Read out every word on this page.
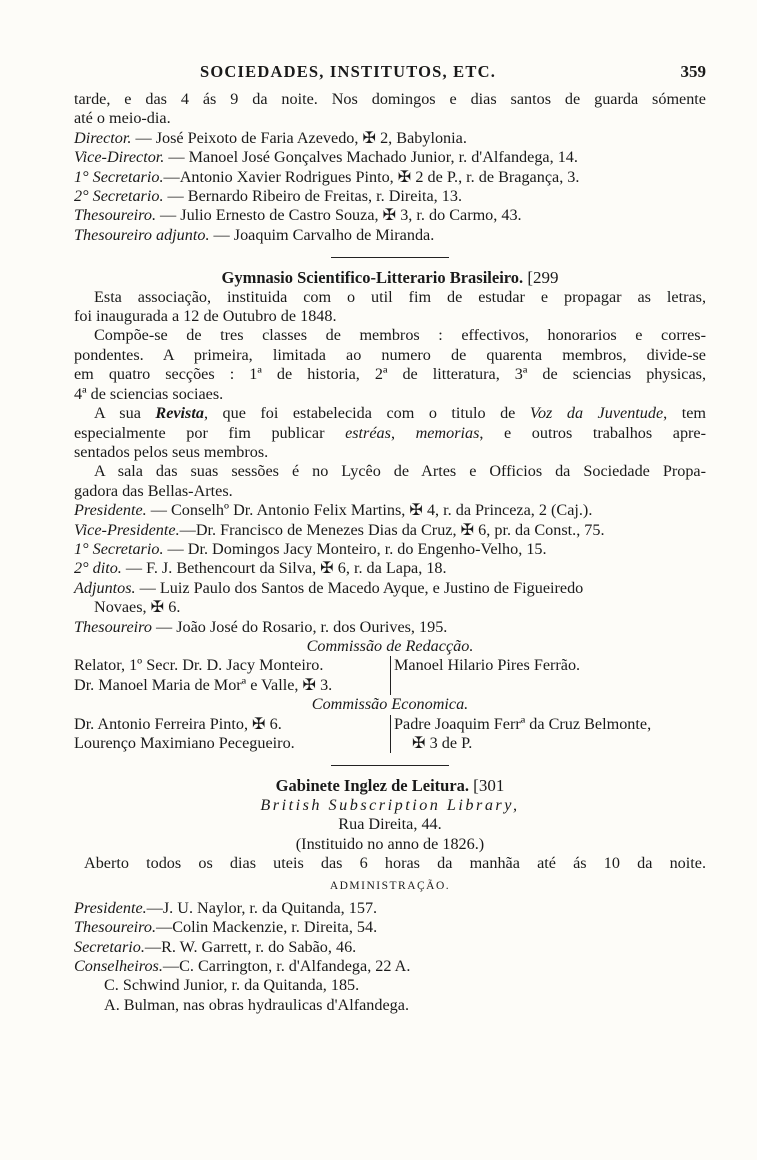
SOCIEDADES, INSTITUTOS, ETC.	359
tarde, e das 4 ás 9 da noite. Nos domingos e dias santos de guarda sómente
até o meio-dia.
Director. — José Peixoto de Faria Azevedo, ✠ 2, Babylonia.
Vice-Director. — Manoel José Gonçalves Machado Junior, r. d'Alfandega, 14.
1° Secretario.—Antonio Xavier Rodrigues Pinto, ✠ 2 de P., r. de Bragança, 3.
2° Secretario. — Bernardo Ribeiro de Freitas, r. Direita, 13.
Thesoureiro. — Julio Ernesto de Castro Souza, ✠ 3, r. do Carmo, 43.
Thesoureiro adjunto. — Joaquim Carvalho de Miranda.
Gymnasio Scientifico-Litterario Brasileiro. [299
Esta associação, instituida com o util fim de estudar e propagar as letras,
foi inaugurada a 12 de Outubro de 1848.
Compõe-se de tres classes de membros : effectivos, honorarios e corres-
pondentes. A primeira, limitada ao numero de quarenta membros, divide-se
em quatro secções : 1ª de historia, 2ª de litteratura, 3ª de sciencias physicas,
4ª de sciencias sociaes.
A sua Revista, que foi estabelecida com o titulo de Voz da Juventude, tem
especialmente por fim publicar estréas, memorias, e outros trabalhos apre-
sentados pelos seus membros.
A sala das suas sessões é no Lycêo de Artes e Officios da Sociedade Propa-
gadora das Bellas-Artes.
Presidente. — Conselhº Dr. Antonio Felix Martins, ✠ 4, r. da Princeza, 2 (Caj.).
Vice-Presidente.—Dr. Francisco de Menezes Dias da Cruz, ✠ 6, pr. da Const., 75.
1° Secretario. — Dr. Domingos Jacy Monteiro, r. do Engenho-Velho, 15.
2° dito. — F. J. Bethencourt da Silva, ✠ 6, r. da Lapa, 18.
Adjuntos. — Luiz Paulo dos Santos de Macedo Ayque, e Justino de Figueiredo
Novaes, ✠ 6.
Thesoureiro — João José do Rosario, r. dos Ourives, 195.
Commissão de Redacção.
Relator, 1º Secr. Dr. D. Jacy Monteiro.
Dr. Manoel Maria de Morª e Valle, ✠ 3.
Manoel Hilario Pires Ferrão.

Commissão Economica.
Dr. Antonio Ferreira Pinto, ✠ 6.
Lourenço Maximiano Pecegueiro.
Padre Joaquim Ferrª da Cruz Belmonte,
✠ 3 de P.
Gabinete Inglez de Leitura. [301
British Subscription Library,
Rua Direita, 44.
(Instituido no anno de 1826.)
Aberto todos os dias uteis das 6 horas da manhãa até ás 10 da noite.
ADMINISTRAÇÃO.
Presidente.—J. U. Naylor, r. da Quitanda, 157.
Thesoureiro.—Colin Mackenzie, r. Direita, 54.
Secretario.—R. W. Garrett, r. do Sabão, 46.
Conselheiros.—C. Carrington, r. d'Alfandega, 22 A.
C. Schwind Junior, r. da Quitanda, 185.
A. Bulman, nas obras hydraulicas d'Alfandega.
